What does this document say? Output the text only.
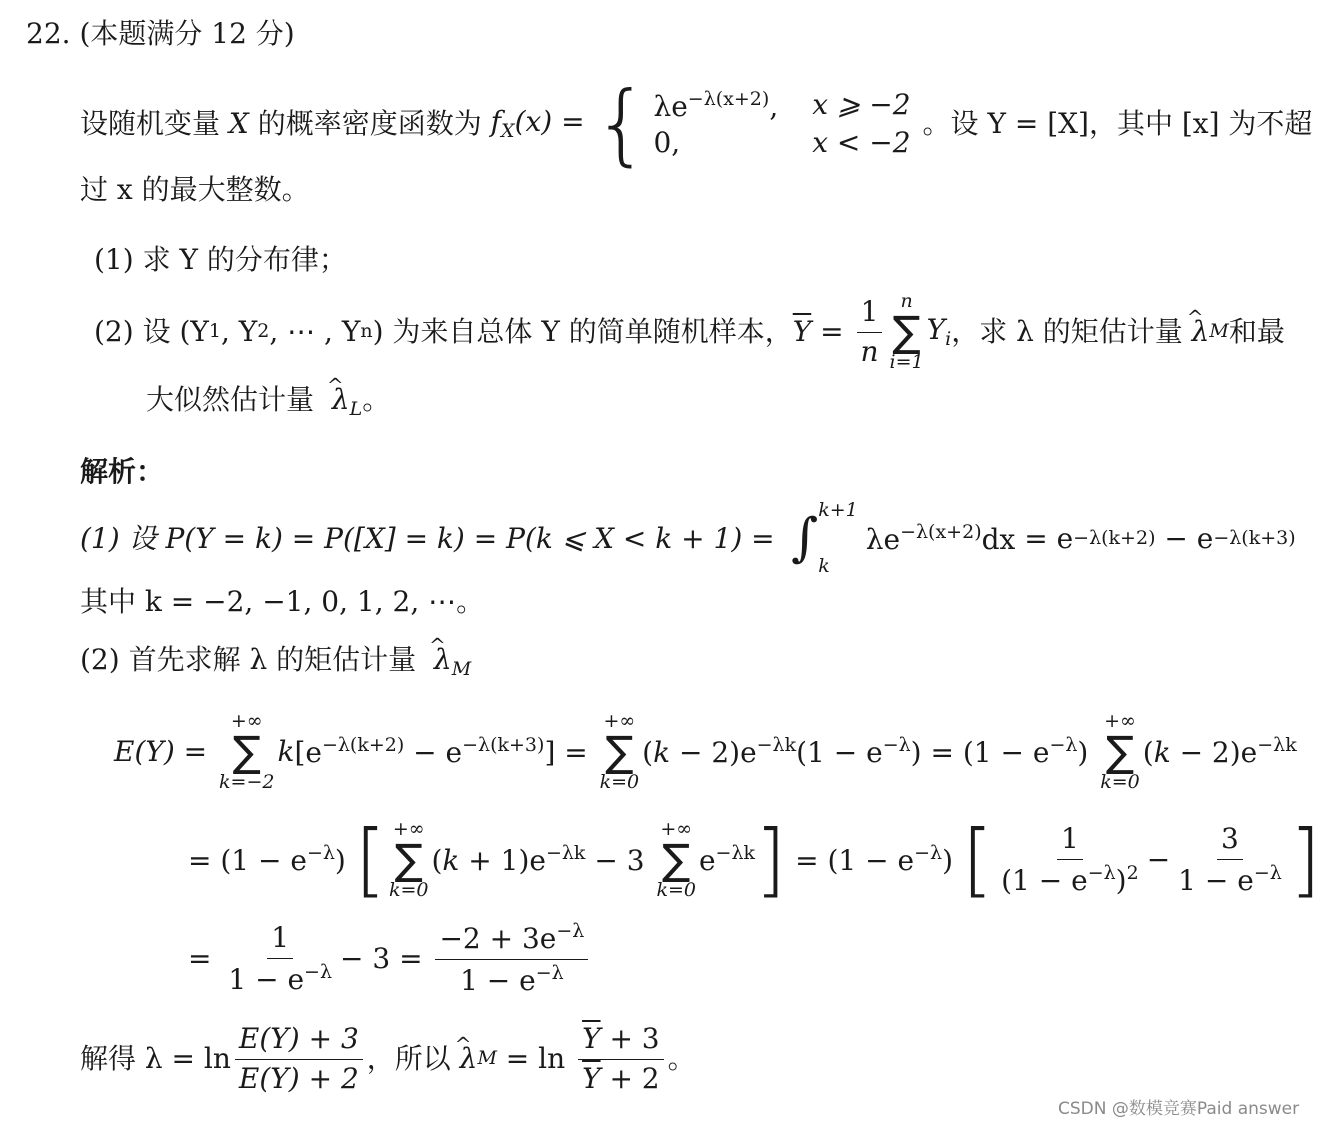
22. (本题满分 12 分)
设随机变量 X 的概率密度函数为 $f_X(x)$ = { $\lambda e^{-\lambda(x+2)}$, x ⩾ −2
0,	x < −2
。设 Y = [X]，其中 [x] 为不超
过 x 的最大整数。
(1) 求 Y 的分布律；
(2) 设 (Y 1 , Y 2 , ⋯ , Y n ) 为来自总体 Y 的简单随机样本， $\overline{Y} = \frac{1}{n}$ n
∑
i=1
$Y_i$ ，求 λ 的矩估计量 ^  λ M 和最
大似然估计量 ^  $\lambda_L$。
解析：
(1) 设 P(Y = k) = P([X] = k) = P(k ⩽ X < k + 1) = ∫ k+1
k
$\lambda e^{-\lambda(x+2)}dx = e -\lambda(k+2) - e -\lambda(k+3)$
其中 k = −2, −1, 0, 1, 2, ⋯。
(2) 首先求解 λ 的矩估计量 ^  $\lambda_M$
E(Y) =
+∞
∑
k=−2
k $[e^{-\lambda(k+2)} - e^{-\lambda(k+3)}]$ =
+∞
∑
k=0
$(k - 2)e^{-\lambda k}(1 - e^{-\lambda}) = (1 - e^{-\lambda})$
+∞
∑
k=0
$(k - 2)e^{-\lambda k}$
= $(1 - e^{-\lambda})$ [ +∞
∑
k=0
$(k + 1)e^{-\lambda k} - 3$
+∞
∑
k=0
$e^{-\lambda k}$ ] = $(1 - e^{-\lambda})$ [ $\frac{1}{(1 - e^{-\lambda})^2} - \frac{3}{1 - e^{-\lambda}}$ ]
= $\frac{1}{1 - e^{-\lambda}} - 3 = \frac{-2 + 3e^{-\lambda}}{1 - e^{-\lambda}}$
解得 $\lambda = \ln \frac{E(Y) + 3}{E(Y) + 2}$ ，所以 ^  λ $M = \ln \frac{\overline{Y} + 3}{\overline{Y} + 2}$ 。
CSDN @数模竞赛Paid answer
